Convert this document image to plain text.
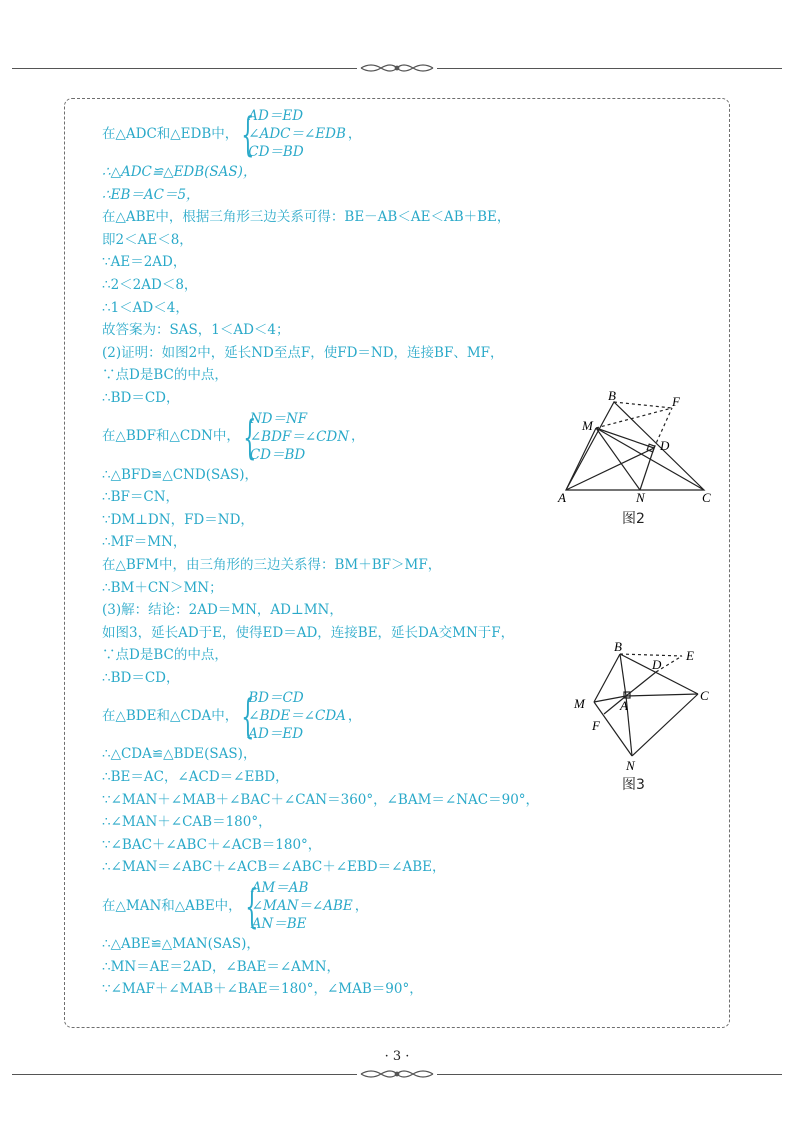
在△ADC和△EDB中， {
AD＝ED
∠ADC＝∠EDB
CD＝BD
，
∴△ADC≌△EDB(SAS)，
∴EB＝AC＝5，
在△ABE中，根据三角形三边关系可得：BE－AB＜AE＜AB＋BE，
即2＜AE＜8，
∵AE＝2AD，
∴2＜2AD＜8，
∴1＜AD＜4，
故答案为：SAS，1＜AD＜4；
(2)证明：如图2中，延长ND至点F，使FD＝ND，连接BF、MF，
∵点D是BC的中点，
∴BD＝CD，
在△BDF和△CDN中， {
ND＝NF
∠BDF＝∠CDN
CD＝BD
，
∴△BFD≌△CND(SAS)，
∴BF＝CN，
∵DM⊥DN，FD＝ND，
∴MF＝MN，
在△BFM中，由三角形的三边关系得：BM＋BF＞MF，
∴BM＋CN＞MN；
(3)解：结论：2AD＝MN，AD⊥MN，
如图3，延长AD于E，使得ED＝AD，连接BE，延长DA交MN于F，
∵点D是BC的中点，
∴BD＝CD，
在△BDE和△CDA中， {
BD＝CD
∠BDE＝∠CDA
AD＝ED
，
∴△CDA≌△BDE(SAS)，
∴BE＝AC，∠ACD＝∠EBD，
∵∠MAN＋∠MAB＋∠BAC＋∠CAN＝360°，∠BAM＝∠NAC＝90°，
∴∠MAN＋∠CAB＝180°，
∵∠BAC＋∠ABC＋∠ACB＝180°，
∴∠MAN＝∠ABC＋∠ACB＝∠ABC＋∠EBD＝∠ABE，
在△MAN和△ABE中， {
AM＝AB
∠MAN＝∠ABE
AN＝BE
，
∴△ABE≌△MAN(SAS)，
∴MN＝AE＝2AD，∠BAE＝∠AMN，
∵∠MAF＋∠MAB＋∠BAE＝180°，∠MAB＝90°，
B	F
M
D
A	N	C
图2
B
E
D
M	A
C
F
N
图3
· 3 ·
